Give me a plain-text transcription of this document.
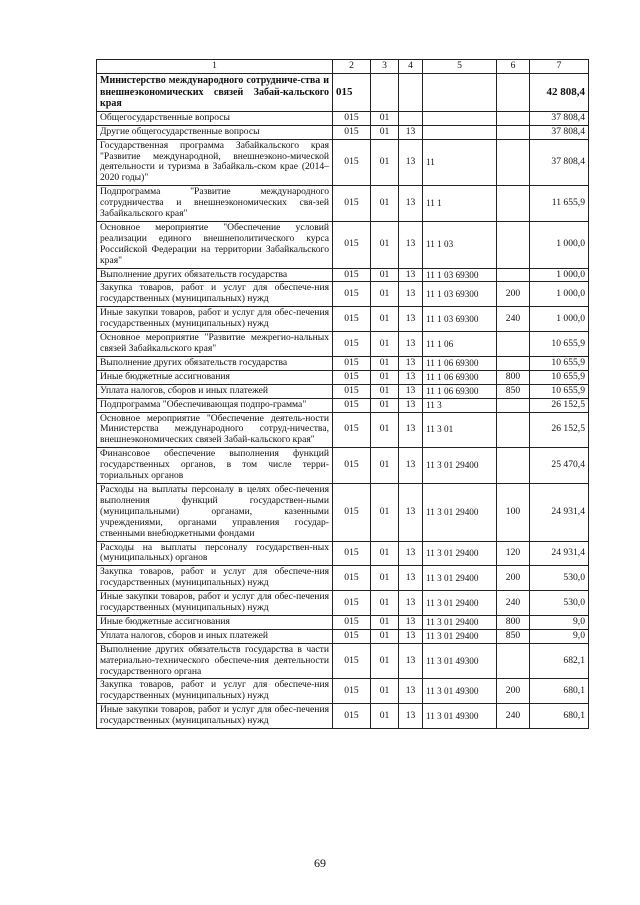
1	2	3	4	5	6	7
Министерство международного сотрудниче-ства и внешнеэкономических связей Забай-кальского края	015					42 808,4
Общегосударственные вопросы	015	01				37 808,4
Другие общегосударственные вопросы	015	01	13			37 808,4
Государственная программа Забайкальского края "Развитие международной, внешнеэконо-мической деятельности и туризма в Забайкаль-ском крае (2014–2020 годы)"	015	01	13	11		37 808,4
Подпрограмма "Развитие международного сотрудничества и внешнеэкономических свя-зей Забайкальского края"	015	01	13	11 1		11 655,9
Основное мероприятие "Обеспечение условий реализации единого внешнеполитического курса Российской Федерации на территории Забайкальского края"	015	01	13	11 1 03		1 000,0
Выполнение других обязательств государства	015	01	13	11 1 03 69300		1 000,0
Закупка товаров, работ и услуг для обеспече-ния государственных (муниципальных) нужд	015	01	13	11 1 03 69300	200	1 000,0
Иные закупки товаров, работ и услуг для обес-печения государственных (муниципальных) нужд	015	01	13	11 1 03 69300	240	1 000,0
Основное мероприятие "Развитие межрегио-нальных связей Забайкальского края"	015	01	13	11 1 06		10 655,9
Выполнение других обязательств государства	015	01	13	11 1 06 69300		10 655,9
Иные бюджетные ассигнования	015	01	13	11 1 06 69300	800	10 655,9
Уплата налогов, сборов и иных платежей	015	01	13	11 1 06 69300	850	10 655,9
Подпрограмма "Обеспечивающая подпро-грамма"	015	01	13	11 3		26 152,5
Основное мероприятие "Обеспечение деятель-ности Министерства международного сотруд-ничества, внешнеэкономических связей Забай-кальского края"	015	01	13	11 3 01		26 152,5
Финансовое обеспечение выполнения функций государственных органов, в том числе терри-ториальных органов	015	01	13	11 3 01 29400		25 470,4
Расходы на выплаты персоналу в целях обес-печения выполнения функций государствен-ными (муниципальными) органами, казенными учреждениями, органами управления государ-ственными внебюджетными фондами	015	01	13	11 3 01 29400	100	24 931,4
Расходы на выплаты персоналу государствен-ных (муниципальных) органов	015	01	13	11 3 01 29400	120	24 931,4
Закупка товаров, работ и услуг для обеспече-ния государственных (муниципальных) нужд	015	01	13	11 3 01 29400	200	530,0
Иные закупки товаров, работ и услуг для обес-печения государственных (муниципальных) нужд	015	01	13	11 3 01 29400	240	530,0
Иные бюджетные ассигнования	015	01	13	11 3 01 29400	800	9,0
Уплата налогов, сборов и иных платежей	015	01	13	11 3 01 29400	850	9,0
Выполнение других обязательств государства в части материально-технического обеспече-ния деятельности государственного органа	015	01	13	11 3 01 49300		682,1
Закупка товаров, работ и услуг для обеспече-ния государственных (муниципальных) нужд	015	01	13	11 3 01 49300	200	680,1
Иные закупки товаров, работ и услуг для обес-печения государственных (муниципальных) нужд	015	01	13	11 3 01 49300	240	680,1
69
